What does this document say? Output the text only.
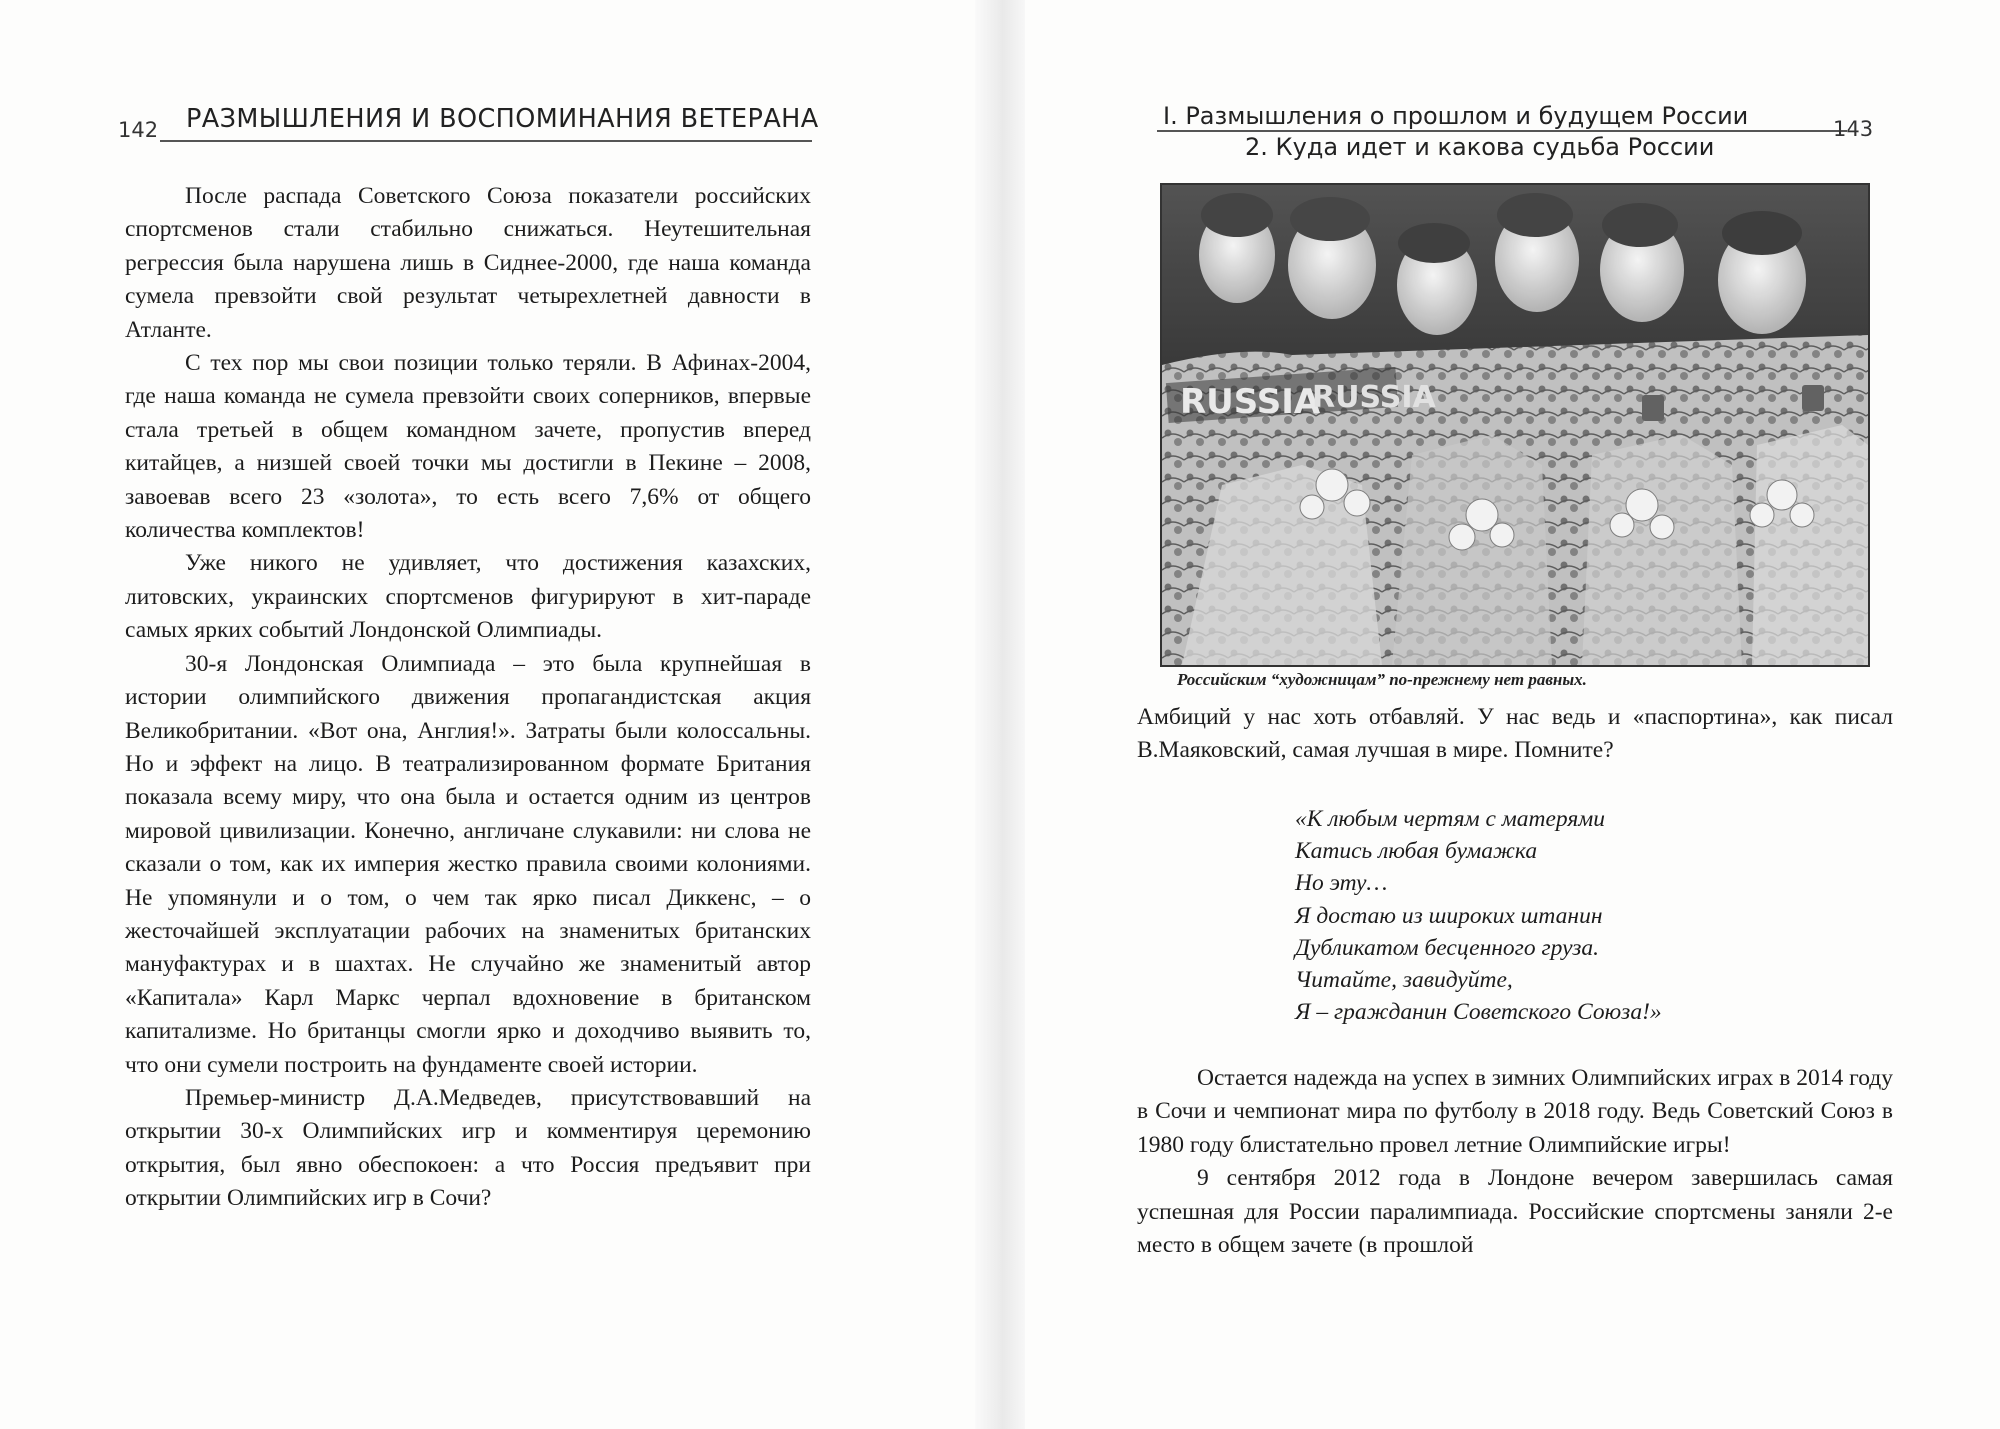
142 РАЗМЫШЛЕНИЯ И ВОСПОМИНАНИЯ ВЕТЕРАНА

После распада Советского Союза показатели российских спортсменов стали стабильно снижаться. Неутешительная регрессия была нарушена лишь в Сиднее-2000, где наша команда сумела превзойти свой результат четырехлетней давности в Атланте.

С тех пор мы свои позиции только теряли. В Афинах-2004, где наша команда не сумела превзойти своих соперников, впервые стала третьей в общем командном зачете, пропустив вперед китайцев, а низшей своей точки мы достигли в Пекине – 2008, завоевав всего 23 «золота», то есть всего 7,6% от общего количества комплектов!

Уже никого не удивляет, что достижения казахских, литовских, украинских спортсменов фигурируют в хит-параде самых ярких событий Лондонской Олимпиады.

30-я Лондонская Олимпиада – это была крупнейшая в истории олимпийского движения пропагандистская акция Великобритании. «Вот она, Англия!». Затраты были колоссальны. Но и эффект на лицо. В театрализированном формате Британия показала всему миру, что она была и остается одним из центров мировой цивилизации. Конечно, англичане слукавили: ни слова не сказали о том, как их империя жестко правила своими колониями. Не упомянули и о том, о чем так ярко писал Диккенс, – о жесточайшей эксплуатации рабочих на знаменитых британских мануфактурах и в шахтах. Не случайно же знаменитый автор «Капитала» Карл Маркс черпал вдохновение в британском капитализме. Но британцы смогли ярко и доходчиво выявить то, что они сумели построить на фундаменте своей истории.

Премьер-министр Д.А.Медведев, присутствовавший на открытии 30-х Олимпийских игр и комментируя церемонию открытия, был явно обеспокоен: а что Россия предъявит при открытии Олимпийских игр в Сочи?

I. Размышления о прошлом и будущем России	143
2. Куда идет и какова судьба России
RUSSIA
RUSSIA
Российским “художницам” по-прежнему нет равных.

Амбиций у нас хоть отбавляй. У нас ведь и «паспортина», как писал В.Маяковский, самая лучшая в мире. Помните?

«К любым чертям с матерями
Катись любая бумажка
Но эту…
Я достаю из широких штанин
Дубликатом бесценного груза.
Читайте, завидуйте,
Я – гражданин Советского Союза!»

Остается надежда на успех в зимних Олимпийских играх в 2014 году в Сочи и чемпионат мира по футболу в 2018 году. Ведь Советский Союз в 1980 году блистательно провел летние Олимпийские игры!

9 сентября 2012 года в Лондоне вечером завершилась самая успешная для России паралимпиада. Российские спортсмены заняли 2-е место в общем зачете (в прошлой
